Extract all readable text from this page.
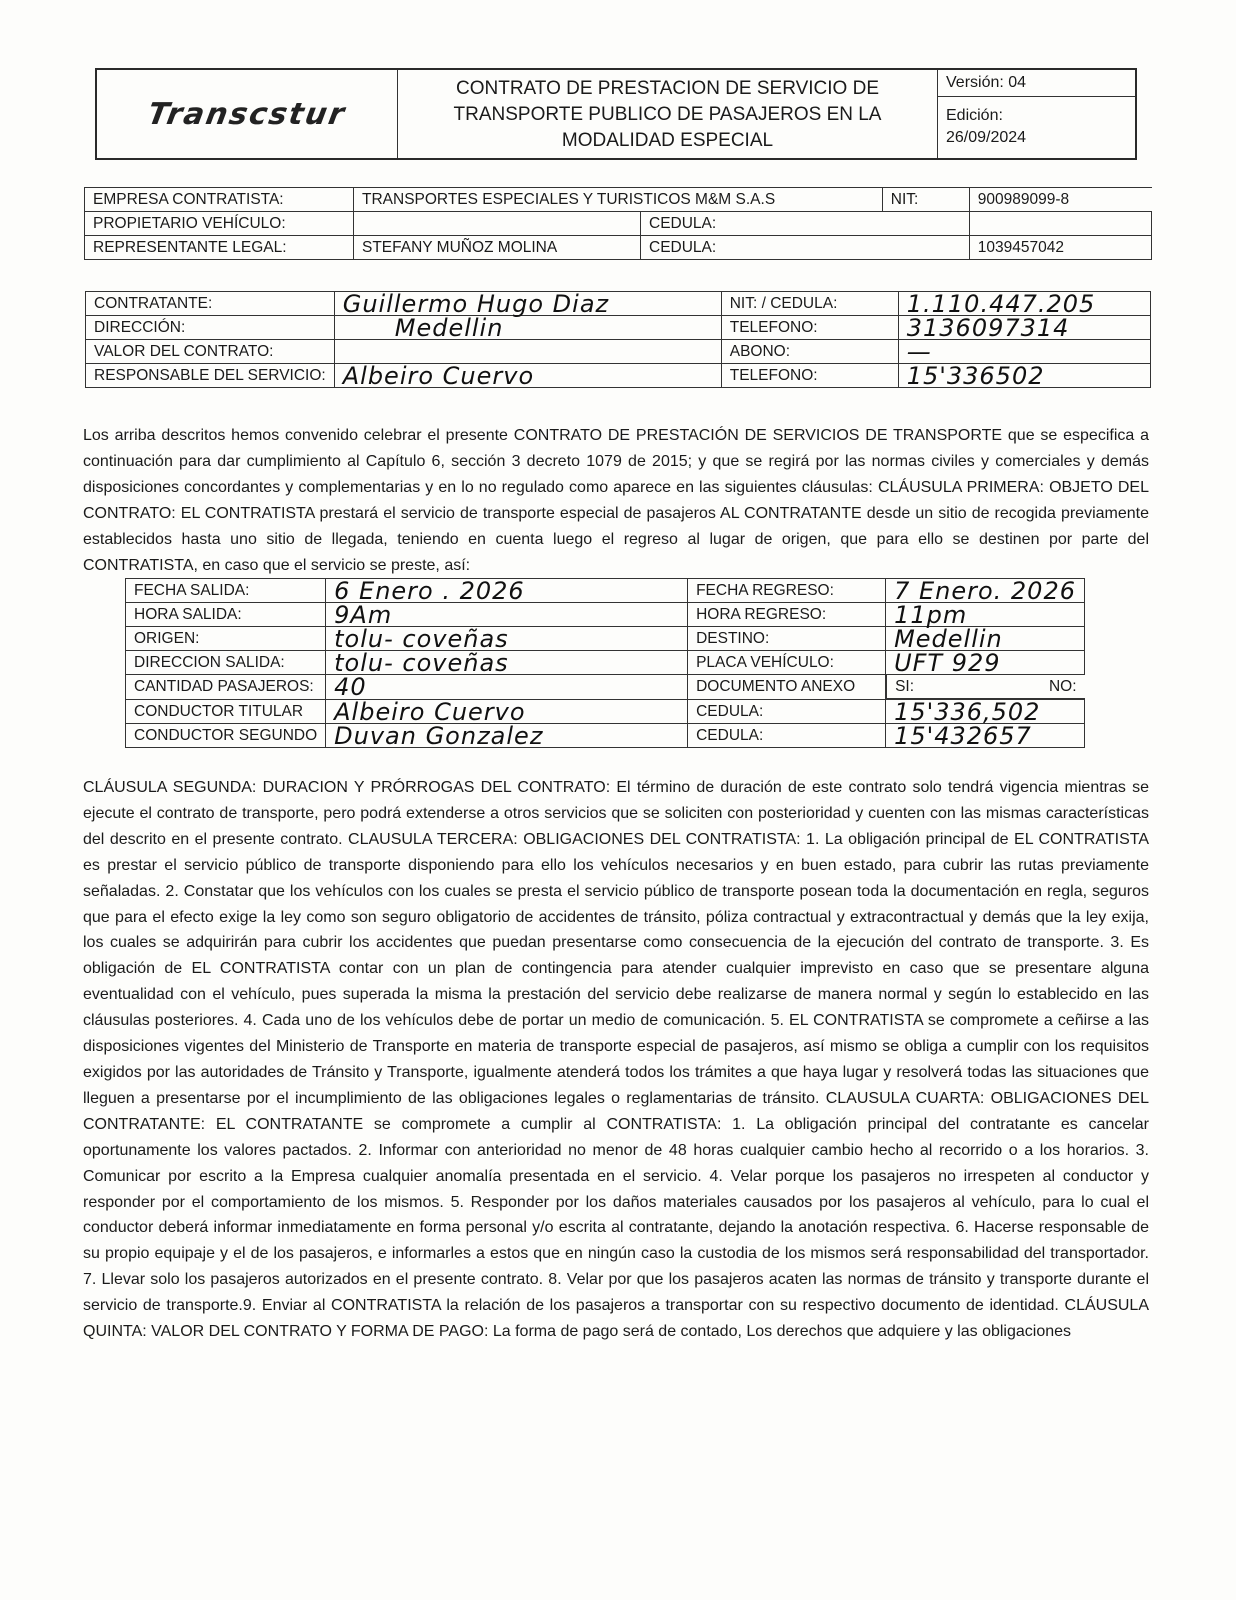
Transcstur
CONTRATO DE PRESTACION DE SERVICIO DE
TRANSPORTE PUBLICO DE PASAJEROS EN LA
MODALIDAD ESPECIAL
Versión: 04
Edición:
26/09/2024
EMPRESA CONTRATISTA:	TRANSPORTES ESPECIALES Y TURISTICOS M&M S.A.S		NIT:	900989099-8
PROPIETARIO VEHÍCULO:		CEDULA:		
REPRESENTANTE LEGAL:	STEFANY MUÑOZ MOLINA	CEDULA:		1039457042
CONTRATANTE:	Guillermo Hugo Diaz	NIT: / CEDULA:	1.110.447.205
DIRECCIÓN:	Medellin	TELEFONO:	3136097314
VALOR DEL CONTRATO:		ABONO:	—
RESPONSABLE DEL SERVICIO:	Albeiro Cuervo	TELEFONO:	15'336502

Los arriba descritos hemos convenido celebrar el presente CONTRATO DE PRESTACIÓN DE SERVICIOS DE TRANSPORTE que se especifica a continuación para dar cumplimiento al Capítulo 6, sección 3 decreto 1079 de 2015; y que se regirá por las normas civiles y comerciales y demás disposiciones concordantes y complementarias y en lo no regulado como aparece en las siguientes cláusulas: CLÁUSULA PRIMERA: OBJETO DEL CONTRATO: EL CONTRATISTA prestará el servicio de transporte especial de pasajeros AL CONTRATANTE desde un sitio de recogida previamente establecidos hasta uno sitio de llegada, teniendo en cuenta luego el regreso al lugar de origen, que para ello se destinen por parte del CONTRATISTA, en caso que el servicio se preste, así:

FECHA SALIDA:	6 Enero . 2026	FECHA REGRESO:	7 Enero. 2026
HORA SALIDA:	9Am	HORA REGRESO:	11pm
ORIGEN:	tolu- coveñas	DESTINO:	Medellin
DIRECCION SALIDA:	tolu- coveñas	PLACA VEHÍCULO:	UFT 929
CANTIDAD PASAJEROS:	40	DOCUMENTO ANEXO		SI:	NO:

CONDUCTOR TITULAR	Albeiro Cuervo	CEDULA:	15'336,502
CONDUCTOR SEGUNDO	Duvan Gonzalez	CEDULA:	15'432657

CLÁUSULA SEGUNDA: DURACION Y PRÓRROGAS DEL CONTRATO: El término de duración de este contrato solo tendrá vigencia mientras se ejecute el contrato de transporte, pero podrá extenderse a otros servicios que se soliciten con posterioridad y cuenten con las mismas características del descrito en el presente contrato. CLAUSULA TERCERA: OBLIGACIONES DEL CONTRATISTA: 1. La obligación principal de EL CONTRATISTA es prestar el servicio público de transporte disponiendo para ello los vehículos necesarios y en buen estado, para cubrir las rutas previamente señaladas. 2. Constatar que los vehículos con los cuales se presta el servicio público de transporte posean toda la documentación en regla, seguros que para el efecto exige la ley como son seguro obligatorio de accidentes de tránsito, póliza contractual y extracontractual y demás que la ley exija, los cuales se adquirirán para cubrir los accidentes que puedan presentarse como consecuencia de la ejecución del contrato de transporte. 3. Es obligación de EL CONTRATISTA contar con un plan de contingencia para atender cualquier imprevisto en caso que se presentare alguna eventualidad con el vehículo, pues superada la misma la prestación del servicio debe realizarse de manera normal y según lo establecido en las cláusulas posteriores. 4. Cada uno de los vehículos debe de portar un medio de comunicación. 5. EL CONTRATISTA se compromete a ceñirse a las disposiciones vigentes del Ministerio de Transporte en materia de transporte especial de pasajeros, así mismo se obliga a cumplir con los requisitos exigidos por las autoridades de Tránsito y Transporte, igualmente atenderá todos los trámites a que haya lugar y resolverá todas las situaciones que lleguen a presentarse por el incumplimiento de las obligaciones legales o reglamentarias de tránsito. CLAUSULA CUARTA: OBLIGACIONES DEL CONTRATANTE: EL CONTRATANTE se compromete a cumplir al CONTRATISTA: 1. La obligación principal del contratante es cancelar oportunamente los valores pactados. 2. Informar con anterioridad no menor de 48 horas cualquier cambio hecho al recorrido o a los horarios. 3. Comunicar por escrito a la Empresa cualquier anomalía presentada en el servicio. 4. Velar porque los pasajeros no irrespeten al conductor y responder por el comportamiento de los mismos. 5. Responder por los daños materiales causados por los pasajeros al vehículo, para lo cual el conductor deberá informar inmediatamente en forma personal y/o escrita al contratante, dejando la anotación respectiva. 6. Hacerse responsable de su propio equipaje y el de los pasajeros, e informarles a estos que en ningún caso la custodia de los mismos será responsabilidad del transportador. 7. Llevar solo los pasajeros autorizados en el presente contrato. 8. Velar por que los pasajeros acaten las normas de tránsito y transporte durante el servicio de transporte.9. Enviar al CONTRATISTA la relación de los pasajeros a transportar con su respectivo documento de identidad. CLÁUSULA QUINTA: VALOR DEL CONTRATO Y FORMA DE PAGO: La forma de pago será de contado, Los derechos que adquiere y las obligaciones
